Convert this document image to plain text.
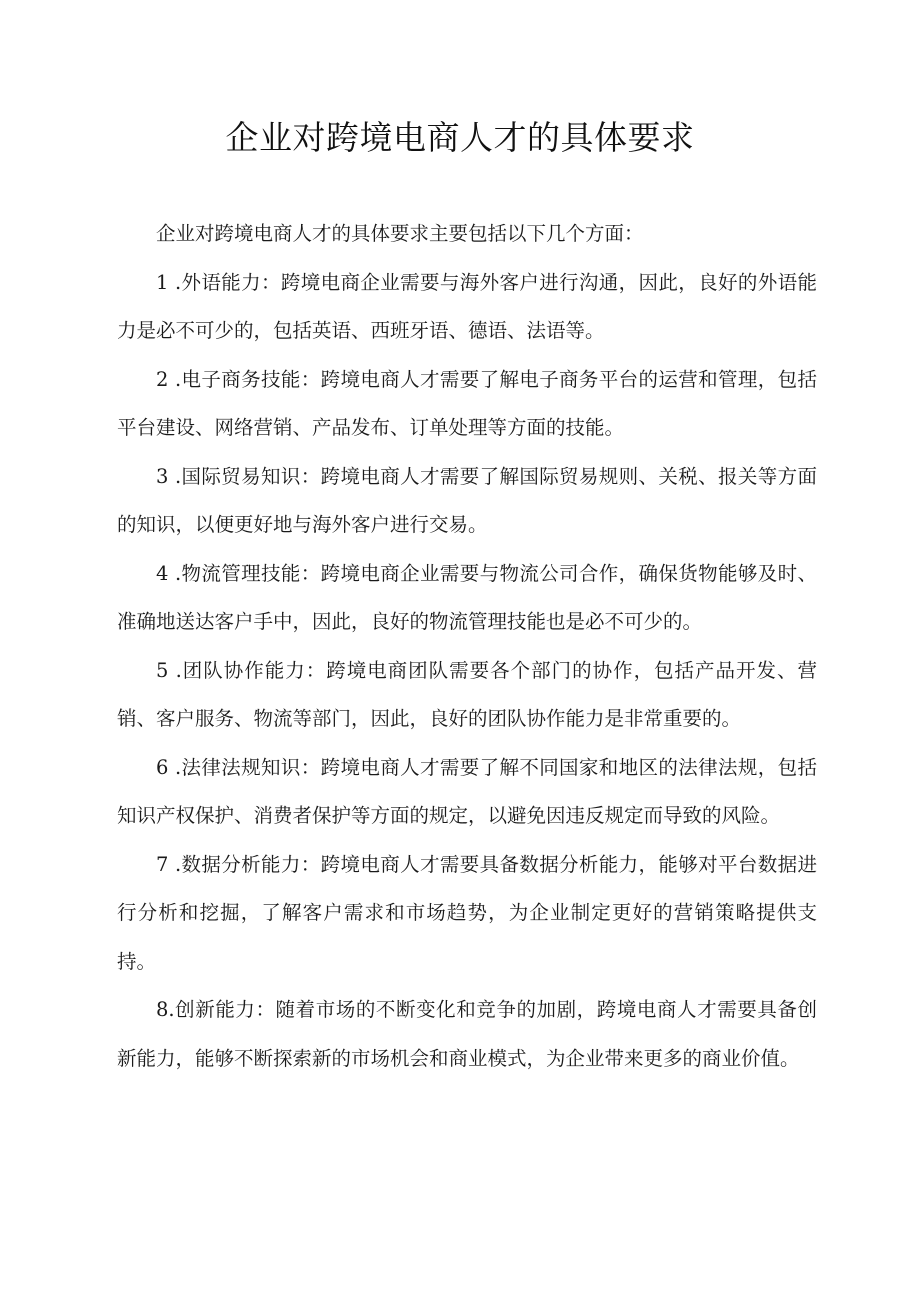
企业对跨境电商人才的具体要求

企业对跨境电商人才的具体要求主要包括以下几个方面：

1 .外语能力：跨境电商企业需要与海外客户进行沟通，因此，良好的外语能力是必不可少的，包括英语、西班牙语、德语、法语等。

2 .电子商务技能：跨境电商人才需要了解电子商务平台的运营和管理，包括平台建设、网络营销、产品发布、订单处理等方面的技能。

3 .国际贸易知识：跨境电商人才需要了解国际贸易规则、关税、报关等方面的知识，以便更好地与海外客户进行交易。

4 .物流管理技能：跨境电商企业需要与物流公司合作，确保货物能够及时、准确地送达客户手中，因此，良好的物流管理技能也是必不可少的。

5 .团队协作能力：跨境电商团队需要各个部门的协作，包括产品开发、营销、客户服务、物流等部门，因此，良好的团队协作能力是非常重要的。

6 .法律法规知识：跨境电商人才需要了解不同国家和地区的法律法规，包括知识产权保护、消费者保护等方面的规定，以避免因违反规定而导致的风险。

7 .数据分析能力：跨境电商人才需要具备数据分析能力，能够对平台数据进行分析和挖掘，了解客户需求和市场趋势，为企业制定更好的营销策略提供支持。

8.创新能力：随着市场的不断变化和竞争的加剧，跨境电商人才需要具备创新能力，能够不断探索新的市场机会和商业模式，为企业带来更多的商业价值。
